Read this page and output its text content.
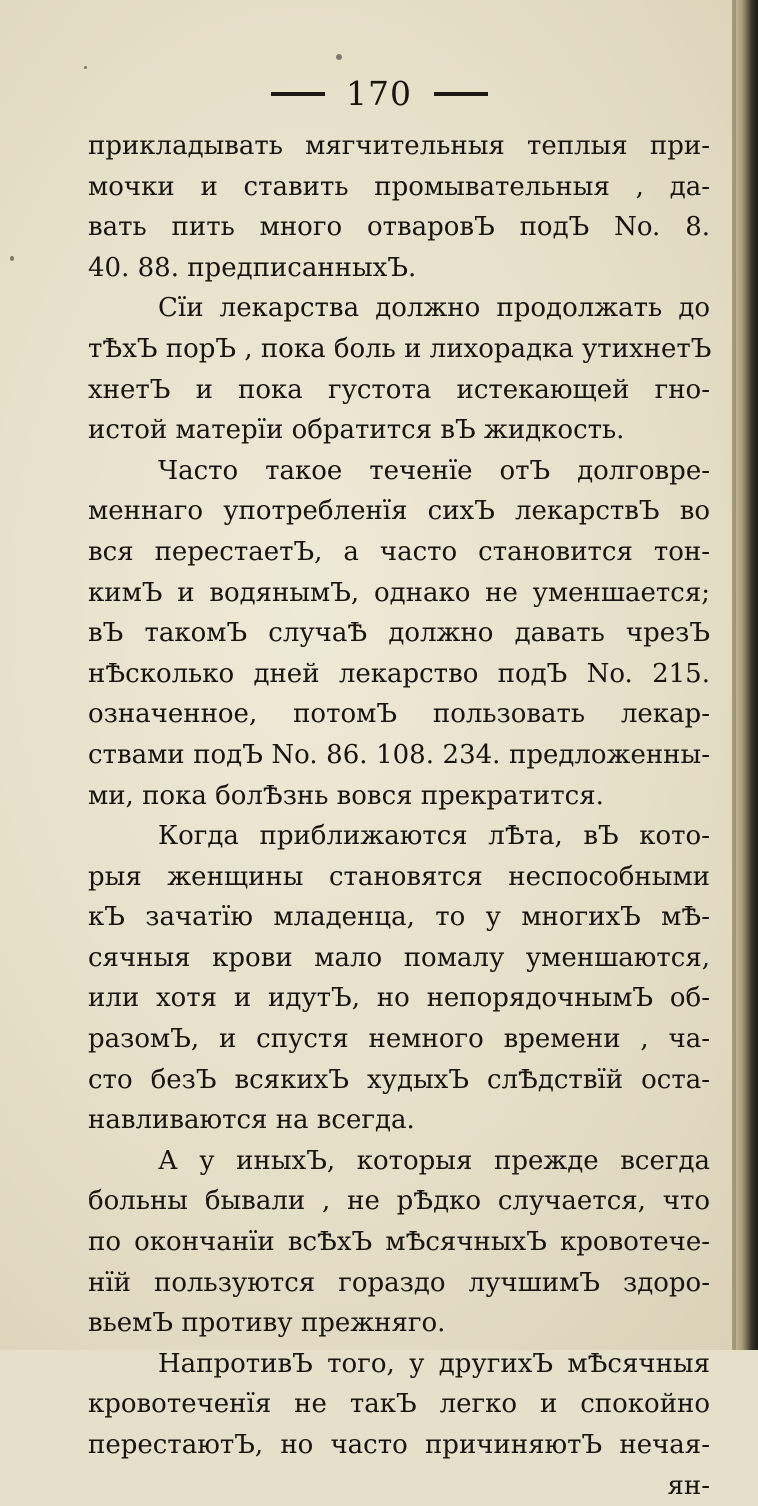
170
прикладывать мягчительныя теплыя при-
мочки и ставить промывательныя , да-
вать пить много отваровЪ подЪ No. 8.
40. 88. предписанныхЪ.
Сїи лекарства должно продолжать до
тѢхЪ порЪ , пока боль и лихорадка утихнетЪ
хнетЪ и пока густота истекающей гно-
истой матерїи обратится вЪ жидкость.
Часто такое теченїе отЪ долговре-
меннаго употребленїя сихЪ лекарствЪ во
вся перестаетЪ, а часто становится тон-
кимЪ и водянымЪ, однако не уменшается;
вЪ такомЪ случаѢ должно давать чрезЪ
нѢсколько дней лекарство подЪ No. 215.
означенное, потомЪ пользовать лекар-
ствами подЪ No. 86. 108. 234. предложенны-
ми, пока болѢзнь вовся прекратится.
Когда приближаются лѢта, вЪ кото-
рыя женщины становятся неспособными
кЪ зачатїю младенца, то у многихЪ мѢ-
сячныя крови мало помалу уменшаются,
или хотя и идутЪ, но непорядочнымЪ об-
разомЪ, и спустя немного времени , ча-
сто безЪ всякихЪ худыхЪ слѢдствїй оста-
навливаются на всегда.
А у иныхЪ, которыя прежде всегда
больны бывали , не рѢдко случается, что
по окончанїи всѢхЪ мѢсячныхЪ кровотече-
нїй пользуются гораздо лучшимЪ здоро-
вьемЪ противу прежняго.
НапротивЪ того, у другихЪ мѢсячныя
кровотеченїя не такЪ легко и спокойно
перестаютЪ, но часто причиняютЪ нечая-
ян-
